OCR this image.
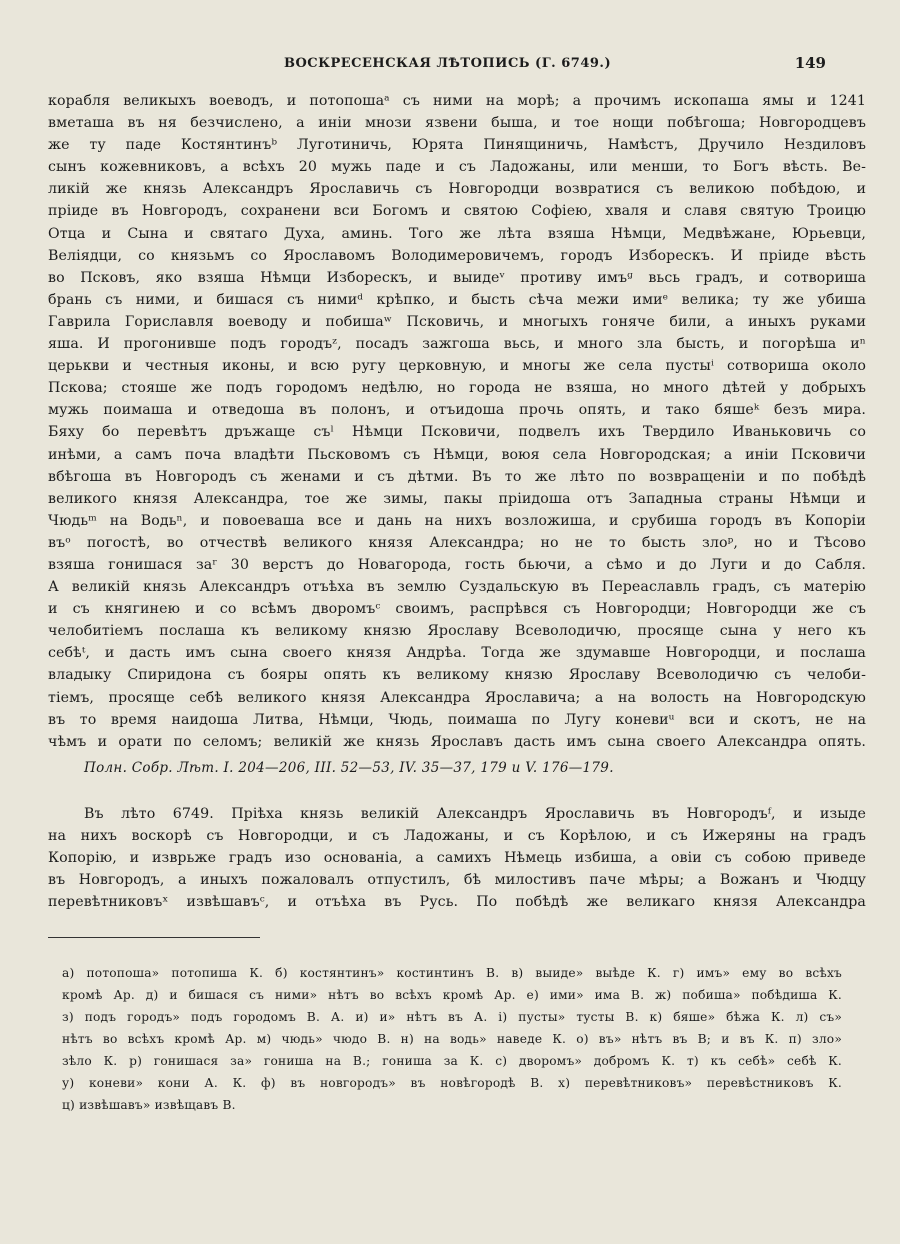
ВОСКРЕСЕНСКАЯ ЛѢТОПИСЬ (Г. 6749.)	149
корабля великыхъ воеводъ, и потопошаᵃ съ ними на морѣ; а прочимъ ископаша ямы и 1241
вметаша въ ня безчислено, а инiи мнози язвени быша, и тое нощи побѣгоша; Новгородцевъ
же ту паде Костянтинъᵇ Луготиничь, Юрята Пинящиничь, Намѣстъ, Дручило Нездиловъ
сынъ кожевниковъ, а всѣхъ 20 мужь паде и съ Ладожаны, или менши, то Богъ вѣсть. Ве-
ликiй же князь Александръ Ярославичь съ Новгородци возвратися съ великою побѣдою, и
прiиде въ Новгородъ, сохранени вси Богомъ и святою Софiею, хваля и славя святую Троицю
Отца и Сына и святаго Духа, аминь. Того же лѣта взяша Нѣмци, Медвѣжане, Юрьевци,
Велiядци, со князьмъ со Ярославомъ Володимеровичемъ, городъ Изборескъ. И прiиде вѣсть
во Псковъ, яко взяша Нѣмци Изборескъ, и выидеᵛ противу имъᶢ вьсь градъ, и сотвориша
брань съ ними, и бишася съ нимиᵈ крѣпко, и бысть сѣча межи имиᵉ велика; ту же убиша
Гаврила Гориславля воеводу и побишаʷ Псковичь, и многыхъ гоняче били, а иныхъ руками
яша. И прогонивше подъ городъᶻ, посадъ зажгоша вьсь, и много зла бысть, и погорѣша иⁿ
церькви и честныя иконы, и всю ругу церковную, и многы же села пустыⁱ сотвориша около
Пскова; стояше же подъ городомъ недѣлю, но города не взяша, но много дѣтей у добрыхъ
мужь поимаша и отведоша въ полонъ, и отъидоша прочь опять, и тако бяшеᵏ безъ мира.
Бяху бо перевѣтъ дръжаще съˡ Нѣмци Псковичи, подвелъ ихъ Твердило Иваньковичь со
инѣми, а самъ поча владѣти Пьсковомъ съ Нѣмци, воюя села Новгородская; а инiи Псковичи
вбѣгоша въ Новгородъ съ женами и съ дѣтми. Въ то же лѣто по возвращенiи и по побѣдѣ
великого князя Александра, тое же зимы, пакы прiидоша отъ Западныа страны Нѣмци и
Чюдьᵐ на Водьⁿ, и повоеваша все и дань на нихъ возложиша, и срубиша городъ въ Копорiи
въᵒ погостѣ, во отчествѣ великого князя Александра; но не то бысть злоᵖ, но и Тѣсово
взяша гонишася заʳ 30 верстъ до Новагорода, гость бьючи, а сѣмо и до Луги и до Сабля.
А великiй князь Александръ отъѣха въ землю Суздальскую въ Переаславль градъ, съ матерiю
и съ княгинею и со всѣмъ дворомъᶜ своимъ, распрѣвся съ Новгородци; Новгородци же съ
челобитiемъ послаша къ великому князю Ярославу Всеволодичю, просяще сына у него къ
себѣᵗ, и дасть имъ сына своего князя Андрѣа. Тогда же здумавше Новгородци, и послаша
владыку Спиридона съ бояры опять къ великому князю Ярославу Всеволодичю съ челоби-
тiемъ, просяще себѣ великого князя Александра Ярославича; а на волость на Новгородскую
въ то время наидоша Литва, Нѣмци, Чюдь, поимаша по Лугу коневиᵘ вси и скотъ, не на
чѣмъ и орати по селомъ; великiй же князь Ярославъ дасть имъ сына своего Александра опять.
Полн. Собр. Лѣт. I. 204—206, III. 52—53, IV. 35—37, 179 и V. 176—179.
Въ лѣто 6749. Прiѣха князь великiй Александръ Ярославичь въ Новгородъᶠ, и изыде
на нихъ воскорѣ съ Новгородци, и съ Ладожаны, и съ Корѣлою, и съ Ижеряны на градъ
Копорiю, и изврьже градъ изо основанiа, а самихъ Нѣмець избиша, а овiи съ собою приведе
въ Новгородъ, а иныхъ пожаловалъ отпустилъ, бѣ милостивъ паче мѣры; а Вожанъ и Чюдцу
перевѣтниковъˣ извѣшавъᶜ, и отъѣха въ Русь. По побѣдѣ же великаго князя Александра
а) потопоша» потопиша К. б) костянтинъ» костинтинъ В. в) выиде» выѣде К. г) имъ» ему во всѣхъ
кромѣ Ар. д) и бишася съ ними» нѣтъ во всѣхъ кромѣ Ар. е) ими» има В. ж) побиша» побѣдиша К.
з) подъ городъ» подъ городомъ В. А. и) и» нѣтъ въ А. i) пусты» тусты В. к) бяше» бѣжа К. л) съ»
нѣтъ во всѣхъ кромѣ Ар. м) чюдь» чюдо В. н) на водь» наведе К. о) въ» нѣтъ въ В; и въ К. п) зло»
зѣло К. р) гонишася за» гониша на В.; гониша за К. с) дворомъ» добромъ К. т) къ себѣ» себѣ К.
у) коневи» кони А. К. ф) въ новгородъ» въ новѣгородѣ В. х) перевѣтниковъ» перевѣстниковъ К.
ц) извѣшавъ» извѣщавъ В.
